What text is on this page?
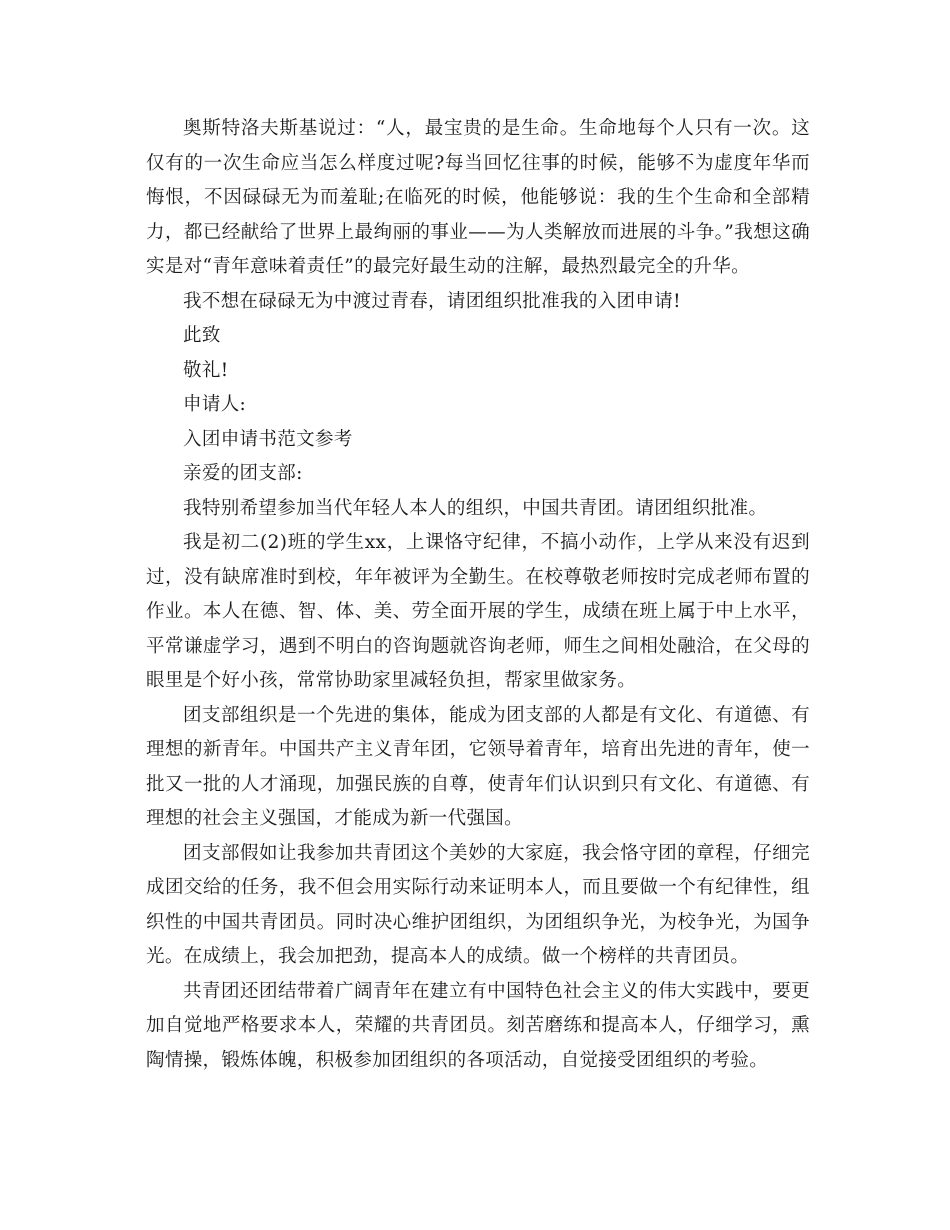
奥斯特洛夫斯基说过：“人，最宝贵的是生命。生命地每个人只有一次。这仅有的一次生命应当怎么样度过呢?每当回忆往事的时候，能够不为虚度年华而悔恨，不因碌碌无为而羞耻;在临死的时候，他能够说：我的生个生命和全部精力，都已经献给了世界上最绚丽的事业——为人类解放而进展的斗争。”我想这确实是对“青年意味着责任”的最完好最生动的注解，最热烈最完全的升华。

我不想在碌碌无为中渡过青春，请团组织批准我的入团申请!

此致

敬礼!

申请人:

入团申请书范文参考

亲爱的团支部:

我特别希望参加当代年轻人本人的组织，中国共青团。请团组织批准。

我是初二(2)班的学生xx，上课恪守纪律，不搞小动作，上学从来没有迟到过，没有缺席准时到校，年年被评为全勤生。在校尊敬老师按时完成老师布置的作业。本人在德、智、体、美、劳全面开展的学生，成绩在班上属于中上水平，平常谦虚学习，遇到不明白的咨询题就咨询老师，师生之间相处融洽，在父母的眼里是个好小孩，常常协助家里减轻负担，帮家里做家务。

团支部组织是一个先进的集体，能成为团支部的人都是有文化、有道德、有理想的新青年。中国共产主义青年团，它领导着青年，培育出先进的青年，使一批又一批的人才涌现，加强民族的自尊，使青年们认识到只有文化、有道德、有理想的社会主义强国，才能成为新一代强国。

团支部假如让我参加共青团这个美妙的大家庭，我会恪守团的章程，仔细完成团交给的任务，我不但会用实际行动来证明本人，而且要做一个有纪律性，组织性的中国共青团员。同时决心维护团组织，为团组织争光，为校争光，为国争光。在成绩上，我会加把劲，提高本人的成绩。做一个榜样的共青团员。

共青团还团结带着广阔青年在建立有中国特色社会主义的伟大实践中，要更加自觉地严格要求本人，荣耀的共青团员。刻苦磨练和提高本人，仔细学习，熏陶情操，锻炼体魄，积极参加团组织的各项活动，自觉接受团组织的考验。
